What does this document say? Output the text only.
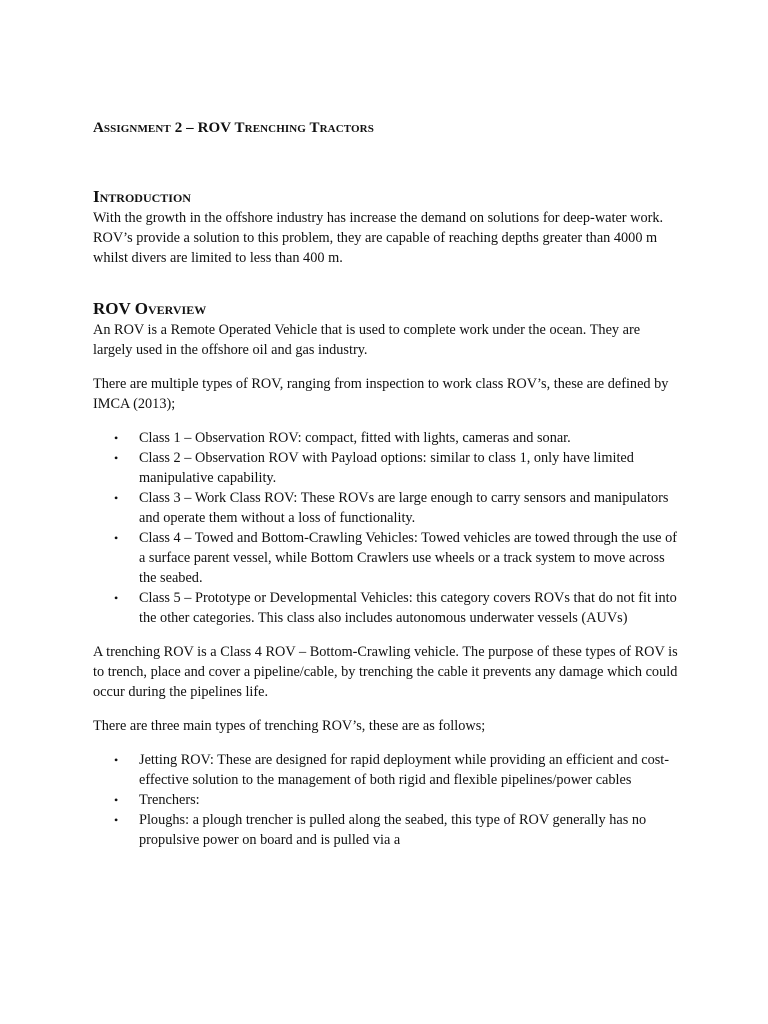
Assignment 2 – ROV Trenching Tractors
Introduction

With the growth in the offshore industry has increase the demand on solutions for deep-water work. ROV’s provide a solution to this problem, they are capable of reaching depths greater than 4000 m whilst divers are limited to less than 400 m.

ROV Overview

An ROV is a Remote Operated Vehicle that is used to complete work under the ocean. They are largely used in the offshore oil and gas industry.

There are multiple types of ROV, ranging from inspection to work class ROV’s, these are defined by IMCA (2013);

• Class 1 – Observation ROV: compact, fitted with lights, cameras and sonar.
• Class 2 – Observation ROV with Payload options: similar to class 1, only have limited manipulative capability.
• Class 3 – Work Class ROV: These ROVs are large enough to carry sensors and manipulators and operate them without a loss of functionality.
• Class 4 – Towed and Bottom-Crawling Vehicles: Towed vehicles are towed through the use of a surface parent vessel, while Bottom Crawlers use wheels or a track system to move across the seabed.
• Class 5 – Prototype or Developmental Vehicles: this category covers ROVs that do not fit into the other categories. This class also includes autonomous underwater vessels (AUVs)

A trenching ROV is a Class 4 ROV – Bottom-Crawling vehicle. The purpose of these types of ROV is to trench, place and cover a pipeline/cable, by trenching the cable it prevents any damage which could occur during the pipelines life.

There are three main types of trenching ROV’s, these are as follows;

• Jetting ROV: These are designed for rapid deployment while providing an efficient and cost-effective solution to the management of both rigid and flexible pipelines/power cables
• Trenchers:
• Ploughs: a plough trencher is pulled along the seabed, this type of ROV generally has no propulsive power on board and is pulled via a
